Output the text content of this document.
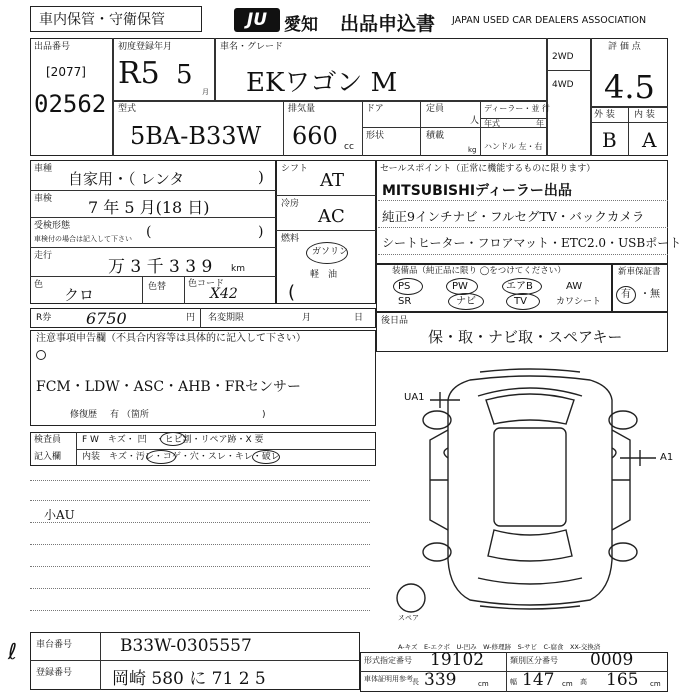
車内保管・守衛保管	JU 愛知 出品申込書 JAPAN USED CAR DEALERS ASSOCIATION
出品番号
[2077]
02562
初度登録年月
R5 5
月
車名・グレード
EKワゴン M
2WD
4WD
評 価 点
4.5
型式
5BA-B33W
排気量
660 cc
ドア	定員
人
ディーラー・並 行
年式	年
形状	積載
kg ハンドル 左・右
外 装 内 装
B A
車種
自家用・（ レンタ	)
車検 7 年 5 月(18 日)
受検形態
車検付の場合は記入して下さい (	)
走行
万 3 千 3 3 9 km
色
クロ	色替 色コード
X42
シフト
AT
冷房
AC
燃料
ガソリン
軽　油
(
セールスポイント（正常に機能するものに限ります）
MITSUBISHIディーラー出品
純正9インチナビ・フルセグTV・バックカメラ
シートヒーター・フロアマット・ETC2.0・USBポート
装備品（純正品に限り ◯をつけてください）
PS	PW	エアB	AW
SR	ナビ	TV	カワシート
新車保証書
有 ・無
R券 6750	円 名変期限	月	日
注意事項申告欄（不具合内容等は具体的に記入して下さい）
FCM・LDW・ASC・AHB・FRセンサー
修復歴 有 （箇所	)
後日品
保・取・ナビ取・スペアキー
検査員
記入欄
F W　キズ・ 凹　・ヒビ割・リペア跡・X 要
内装　キズ・汚レ・コゲ・穴・スレ・キレ・破レ
小AU
UA1
A1
スペア
A-キズ　E-エクボ　U-凹み　W-修理跡　S-サビ　C-腐食　XX-交換済
車台番号	B33W-0305557
登録番号 岡崎 580 に 71 2 5
ℓ	形式指定番号 19102	類別区分番号 0009
車体証明用参考 長 339	cm	幅 147 cm 高 165 cm
